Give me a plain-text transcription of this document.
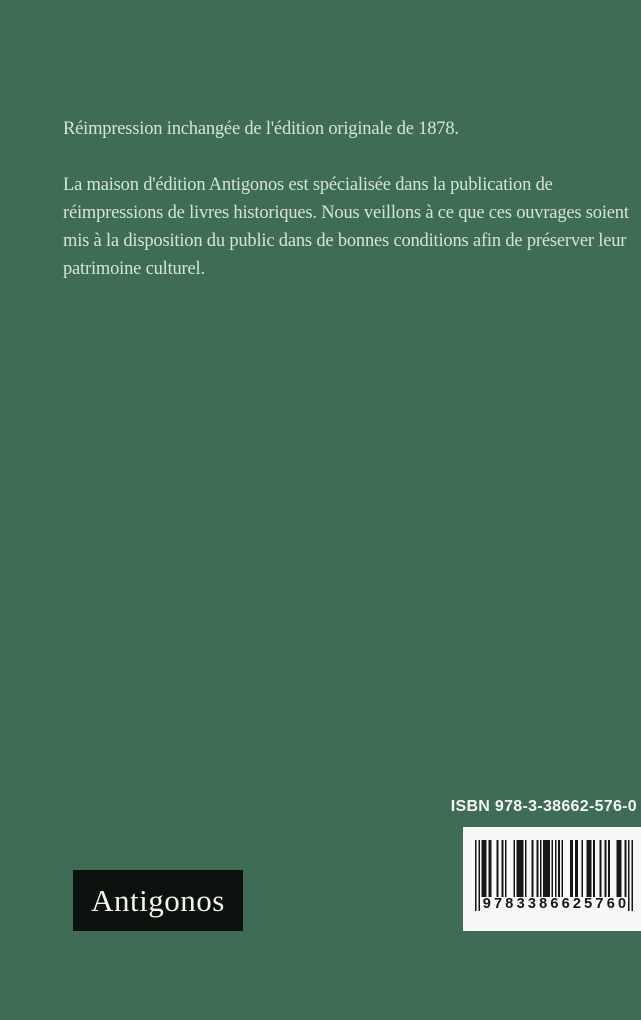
Réimpression inchangée de l'édition originale de 1878.

La maison d'édition Antigonos est spécialisée dans la publication de réimpressions de livres historiques. Nous veillons à ce que ces ouvrages soient mis à la disposition du public dans de bonnes conditions afin de préserver leur patrimoine culturel.

ISBN 978-3-38662-576-0
9783386625760
Antigonos
